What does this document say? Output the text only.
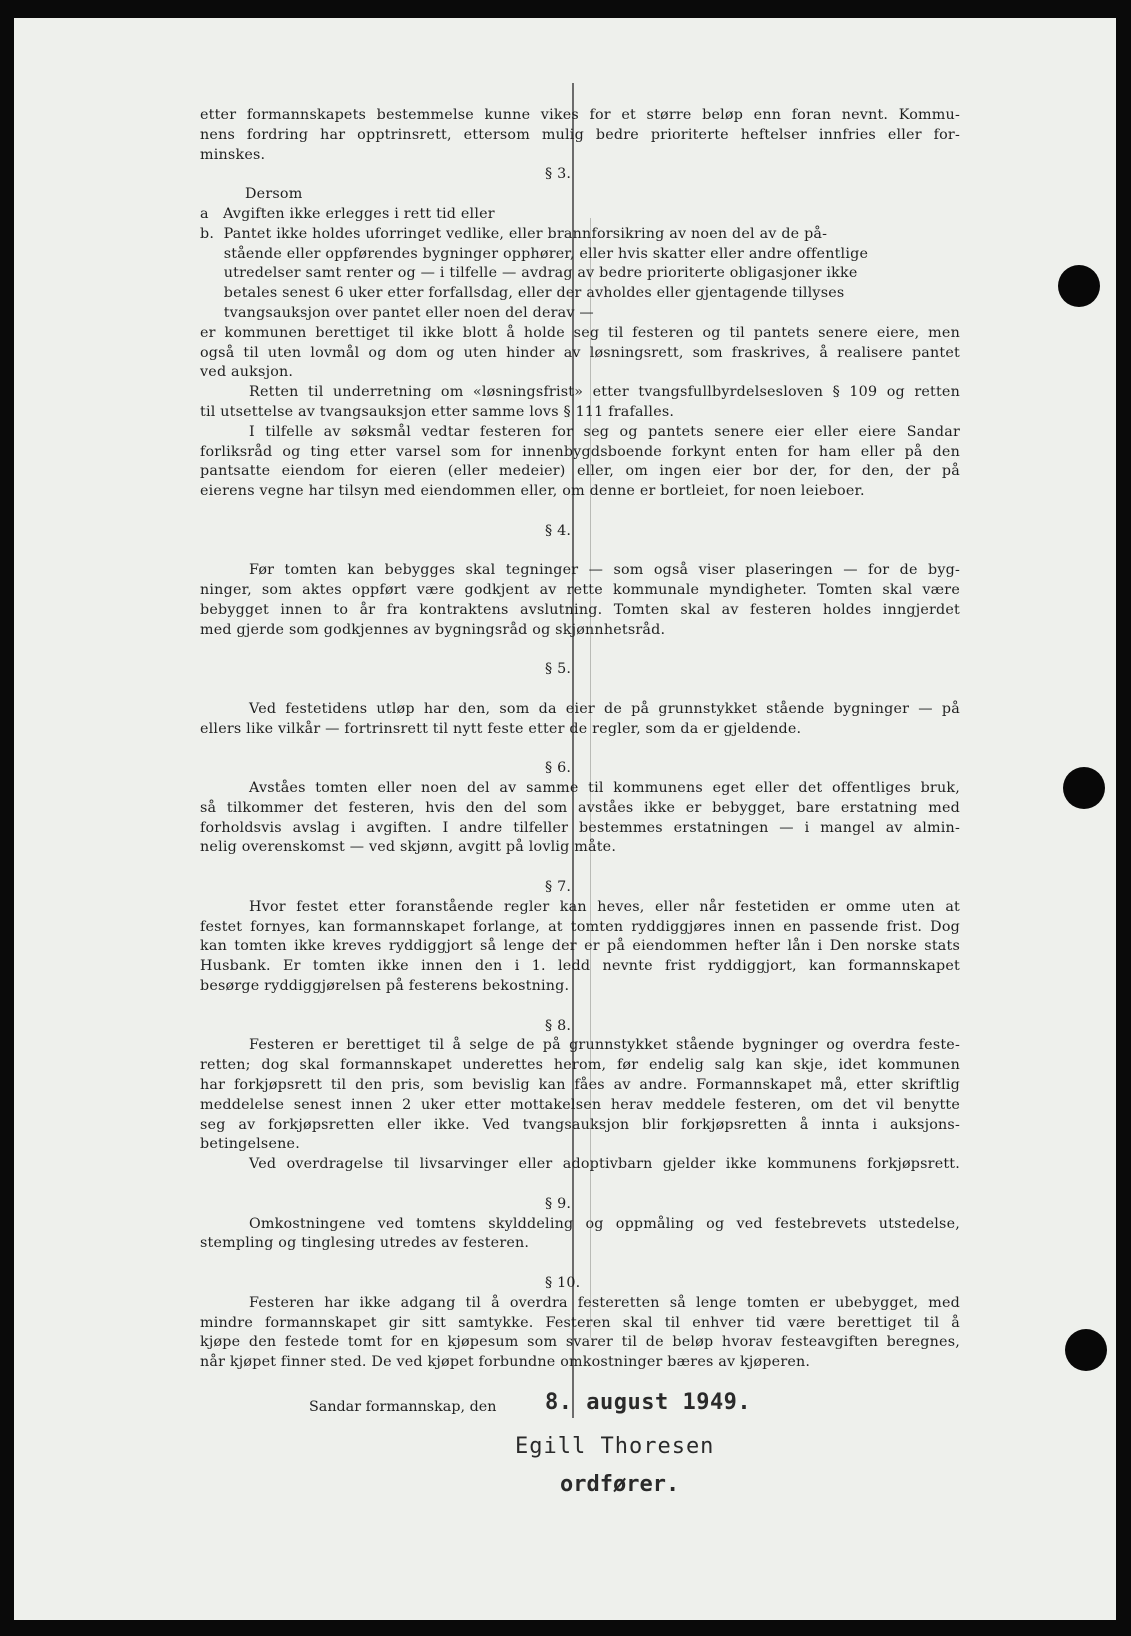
etter formannskapets bestemmelse kunne vikes for et større beløp enn foran nevnt. Kommu-
nens fordring har opptrinsrett, ettersom mulig bedre prioriterte heftelser innfries eller for-
minskes.
§ 3.
Dersom
a   Avgiften ikke erlegges i rett tid eller
b.  Pantet ikke holdes uforringet vedlike, eller brannforsikring av noen del av de på-
stående eller oppførendes bygninger opphører, eller hvis skatter eller andre offentlige
utredelser samt renter og — i tilfelle — avdrag av bedre prioriterte obligasjoner ikke
betales senest 6 uker etter forfallsdag, eller der avholdes eller gjentagende tillyses
tvangsauksjon over pantet eller noen del derav —
er kommunen berettiget til ikke blott å holde seg til festeren og til pantets senere eiere, men
også til uten lovmål og dom og uten hinder av løsningsrett, som fraskrives, å realisere pantet
ved auksjon.
Retten til underretning om «løsningsfrist» etter tvangsfullbyrdelsesloven § 109 og retten
til utsettelse av tvangsauksjon etter samme lovs § 111 frafalles.
I tilfelle av søksmål vedtar festeren for seg og pantets senere eier eller eiere Sandar
forliksråd og ting etter varsel som for innenbygdsboende forkynt enten for ham eller på den
pantsatte eiendom for eieren (eller medeier) eller, om ingen eier bor der, for den, der på
eierens vegne har tilsyn med eiendommen eller, om denne er bortleiet, for noen leieboer.
§ 4.
Før tomten kan bebygges skal tegninger — som også viser plaseringen — for de byg-
ninger, som aktes oppført være godkjent av rette kommunale myndigheter. Tomten skal være
bebygget innen to år fra kontraktens avslutning. Tomten skal av festeren holdes inngjerdet
med gjerde som godkjennes av bygningsråd og skjønnhetsråd.
§ 5.
Ved festetidens utløp har den, som da eier de på grunnstykket stående bygninger — på
ellers like vilkår — fortrinsrett til nytt feste etter de regler, som da er gjeldende.
§ 6.
Avståes tomten eller noen del av samme til kommunens eget eller det offentliges bruk,
så tilkommer det festeren, hvis den del som avståes ikke er bebygget, bare erstatning med
forholdsvis avslag i avgiften. I andre tilfeller bestemmes erstatningen — i mangel av almin-
nelig overenskomst — ved skjønn, avgitt på lovlig måte.
§ 7.
Hvor festet etter foranstående regler kan heves, eller når festetiden er omme uten at
festet fornyes, kan formannskapet forlange, at tomten ryddiggjøres innen en passende frist. Dog
kan tomten ikke kreves ryddiggjort så lenge der er på eiendommen hefter lån i Den norske stats
Husbank. Er tomten ikke innen den i 1. ledd nevnte frist ryddiggjort, kan formannskapet
besørge ryddiggjørelsen på festerens bekostning.
§ 8.
Festeren er berettiget til å selge de på grunnstykket stående bygninger og overdra feste-
retten; dog skal formannskapet underettes herom, før endelig salg kan skje, idet kommunen
har forkjøpsrett til den pris, som bevislig kan fåes av andre. Formannskapet må, etter skriftlig
meddelelse senest innen 2 uker etter mottakelsen herav meddele festeren, om det vil benytte
seg av forkjøpsretten eller ikke. Ved tvangsauksjon blir forkjøpsretten å innta i auksjons-
betingelsene.
Ved overdragelse til livsarvinger eller adoptivbarn gjelder ikke kommunens forkjøpsrett.
§ 9.
Omkostningene ved tomtens skylddeling og oppmåling og ved festebrevets utstedelse,
stempling og tinglesing utredes av festeren.
§ 10.
Festeren har ikke adgang til å overdra festeretten så lenge tomten er ubebygget, med
mindre formannskapet gir sitt samtykke. Festeren skal til enhver tid være berettiget til å
kjøpe den festede tomt for en kjøpesum som svarer til de beløp hvorav festeavgiften beregnes,
når kjøpet finner sted. De ved kjøpet forbundne omkostninger bæres av kjøperen.
Sandar formannskap, den 8. august 1949.
Egill Thoresen
ordfører.
